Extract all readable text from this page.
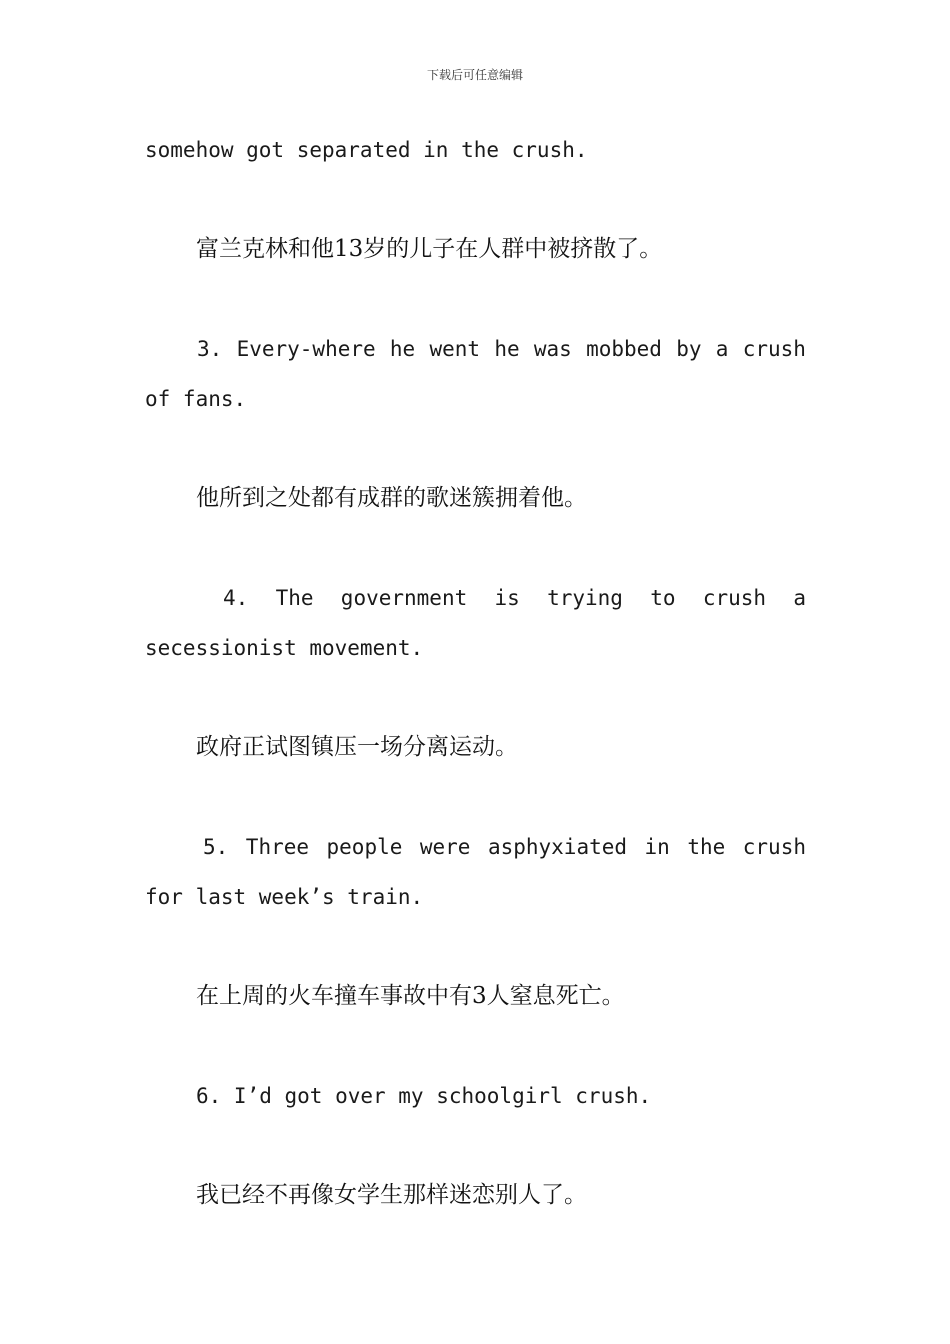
下载后可任意编辑
somehow got separated in the crush.
富兰克林和他13岁的儿子在人群中被挤散了。
3. Every-where he went he was mobbed by a crush
of fans.
他所到之处都有成群的歌迷簇拥着他。
4. The government is trying to crush a
secessionist movement.
政府正试图镇压一场分离运动。
5. Three people were asphyxiated in the crush
for last week’s train.
在上周的火车撞车事故中有3人窒息死亡。
6. I’d got over my schoolgirl crush.
我已经不再像女学生那样迷恋别人了。
